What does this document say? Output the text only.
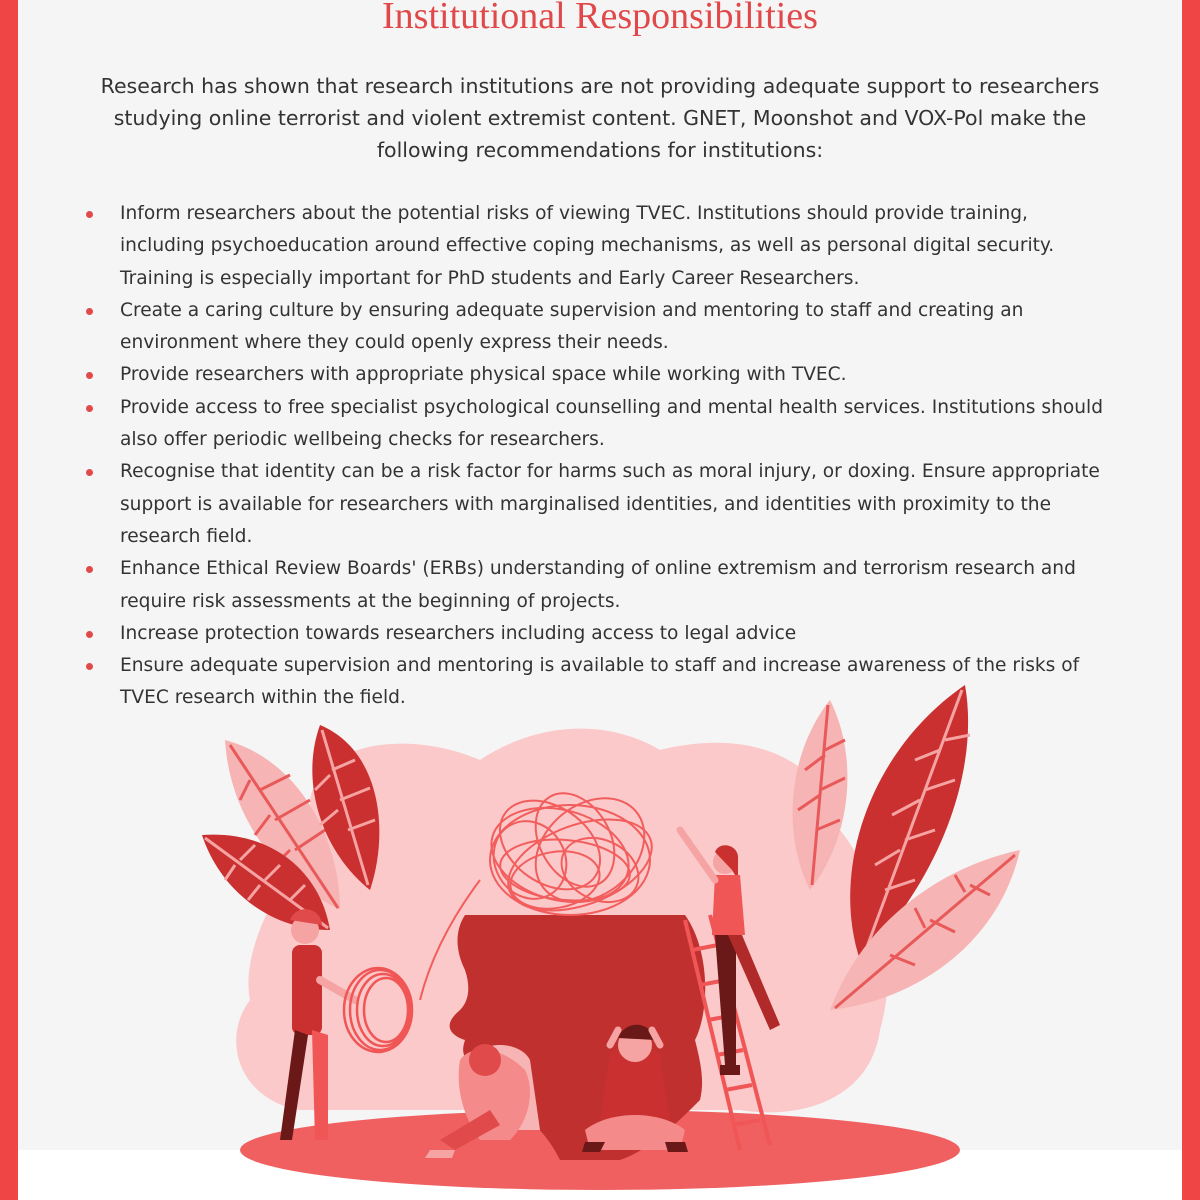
Institutional Responsibilities

Research has shown that research institutions are not providing adequate support to researchers studying online terrorist and violent extremist content. GNET, Moonshot and VOX-Pol make the following recommendations for institutions:

Inform researchers about the potential risks of viewing TVEC. Institutions should provide training, including psychoeducation around effective coping mechanisms, as well as personal digital security. Training is especially important for PhD students and Early Career Researchers.
Create a caring culture by ensuring adequate supervision and mentoring to staff and creating an environment where they could openly express their needs.
Provide researchers with appropriate physical space while working with TVEC.
Provide access to free specialist psychological counselling and mental health services. Institutions should also offer periodic wellbeing checks for researchers.
Recognise that identity can be a risk factor for harms such as moral injury, or doxing. Ensure appropriate support is available for researchers with marginalised identities, and identities with proximity to the research field.
Enhance Ethical Review Boards' (ERBs) understanding of online extremism and terrorism research and require risk assessments at the beginning of projects.
Increase protection towards researchers including access to legal advice
Ensure adequate supervision and mentoring is available to staff and increase awareness of the risks of TVEC research within the field.
